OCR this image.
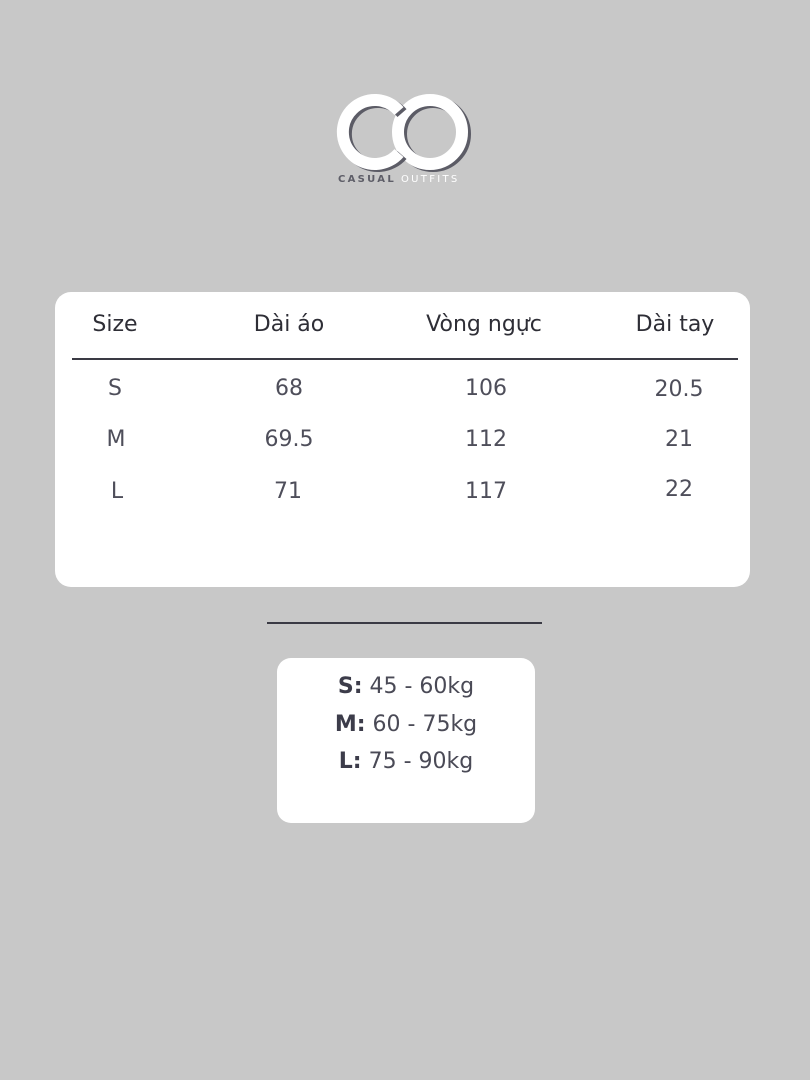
CASUAL OUTFITS
Size	Dài áo	Vòng ngực	Dài tay
S	68	106	20.5
M	69.5	112	21
L	71	117	22
S: 45 - 60kg
M: 60 - 75kg
L: 75 - 90kg
